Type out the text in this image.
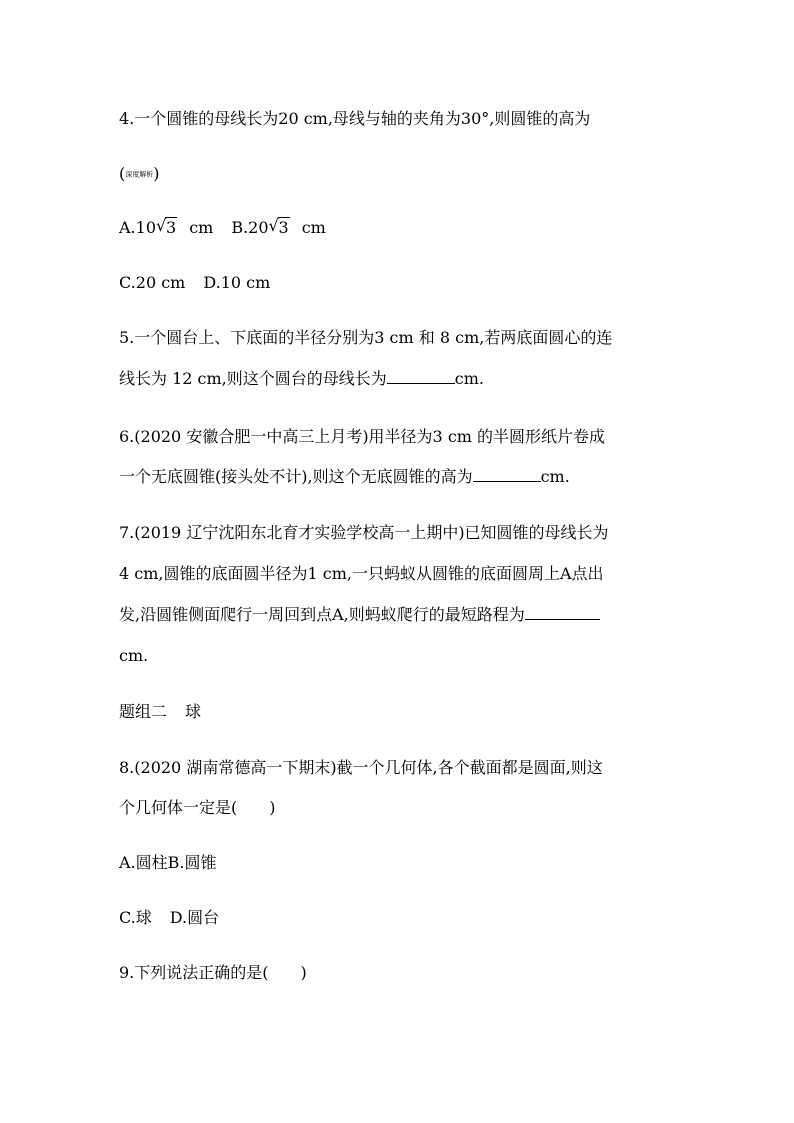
4.一个圆锥的母线长为20 cm,母线与轴的夹角为30°,则圆锥的高为
(深度解析)
A.10 √ 3 cm B.20 √ 3 cm
C.20 cm D.10 cm
5.一个圆台上、下底面的半径分别为3 cm 和 8 cm,若两底面圆心的连
线长为 12 cm,则这个圆台的母线长为	cm.
6.(2020 安徽合肥一中高三上月考)用半径为3 cm 的半圆形纸片卷成
一个无底圆锥(接头处不计),则这个无底圆锥的高为	cm.
7.(2019 辽宁沈阳东北育才实验学校高一上期中)已知圆锥的母线长为
4 cm,圆锥的底面圆半径为1 cm,一只蚂蚁从圆锥的底面圆周上A点出
发,沿圆锥侧面爬行一周回到点A,则蚂蚁爬行的最短路程为
cm.
题组二 球
8.(2020 湖南常德高一下期末)截一个几何体,各个截面都是圆面,则这
个几何体一定是(　　)
A.圆柱B.圆锥
C.球 D.圆台
9.下列说法正确的是(　　)
